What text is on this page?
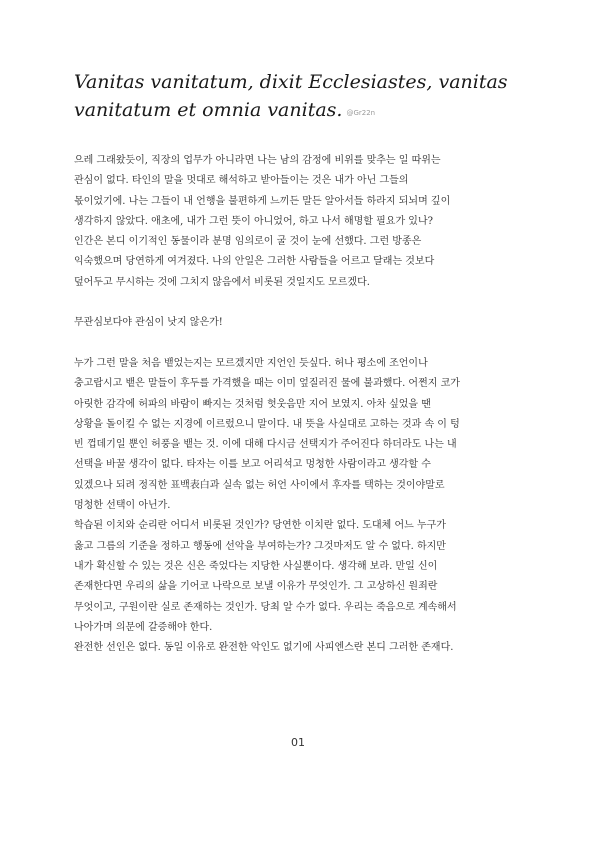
Vanitas vanitatum, dixit Ecclesiastes, vanitas vanitatum et omnia vanitas. @Gr22n
으레 그래왔듯이, 직장의 업무가 아니라면 나는 남의 감정에 비위를 맞추는 일 따위는
관심이 없다. 타인의 말을 멋대로 해석하고 받아들이는 것은 내가 아닌 그들의
몫이었기에. 나는 그들이 내 언행을 불편하게 느끼든 말든 알아서들 하라지 되뇌며 깊이
생각하지 않았다. 애초에, 내가 그런 뜻이 아니었어, 하고 나서 해명할 필요가 있나?
인간은 본디 이기적인 동물이라 분명 임의로이 굴 것이 눈에 선했다. 그런 방종은
익숙했으며 당연하게 여겨졌다. 나의 안일은 그러한 사람들을 어르고 달래는 것보다
덮어두고 무시하는 것에 그치지 않음에서 비롯된 것일지도 모르겠다.
무관심보다야 관심이 낫지 않은가!
누가 그런 말을 처음 뱉었는지는 모르겠지만 지언인 듯싶다. 허나 평소에 조언이나
충고랍시고 뱉은 말들이 후두를 가격했을 때는 이미 엎질러진 물에 불과했다. 어쩐지 코가
아릿한 감각에 허파의 바람이 빠지는 것처럼 헛웃음만 지어 보였지. 아차 싶었을 땐
상황을 돌이킬 수 없는 지경에 이르렀으니 말이다. 내 뜻을 사실대로 고하는 것과 속 이 텅
빈 껍데기일 뿐인 허풍을 뱉는 것. 이에 대해 다시금 선택지가 주어진다 하더라도 나는 내
선택을 바꿀 생각이 없다. 타자는 이를 보고 어리석고 멍청한 사람이라고 생각할 수
있겠으나 되려 정직한 표백表白과 실속 없는 허언 사이에서 후자를 택하는 것이야말로
멍청한 선택이 아닌가.
학습된 이치와 순리란 어디서 비롯된 것인가? 당연한 이치란 없다. 도대체 어느 누구가
옳고 그름의 기준을 정하고 행동에 선악을 부여하는가? 그것마저도 알 수 없다. 하지만
내가 확신할 수 있는 것은 신은 죽었다는 지당한 사실뿐이다. 생각해 보라. 만일 신이
존재한다면 우리의 삶을 기어코 나락으로 보낼 이유가 무엇인가. 그 고상하신 원죄란
무엇이고, 구원이란 실로 존재하는 것인가. 당최 알 수가 없다. 우리는 죽음으로 계속해서
나아가며 의문에 갈증해야 한다.
완전한 선인은 없다. 동일 이유로 완전한 악인도 없기에 사피엔스란 본디 그러한 존재다.
01
